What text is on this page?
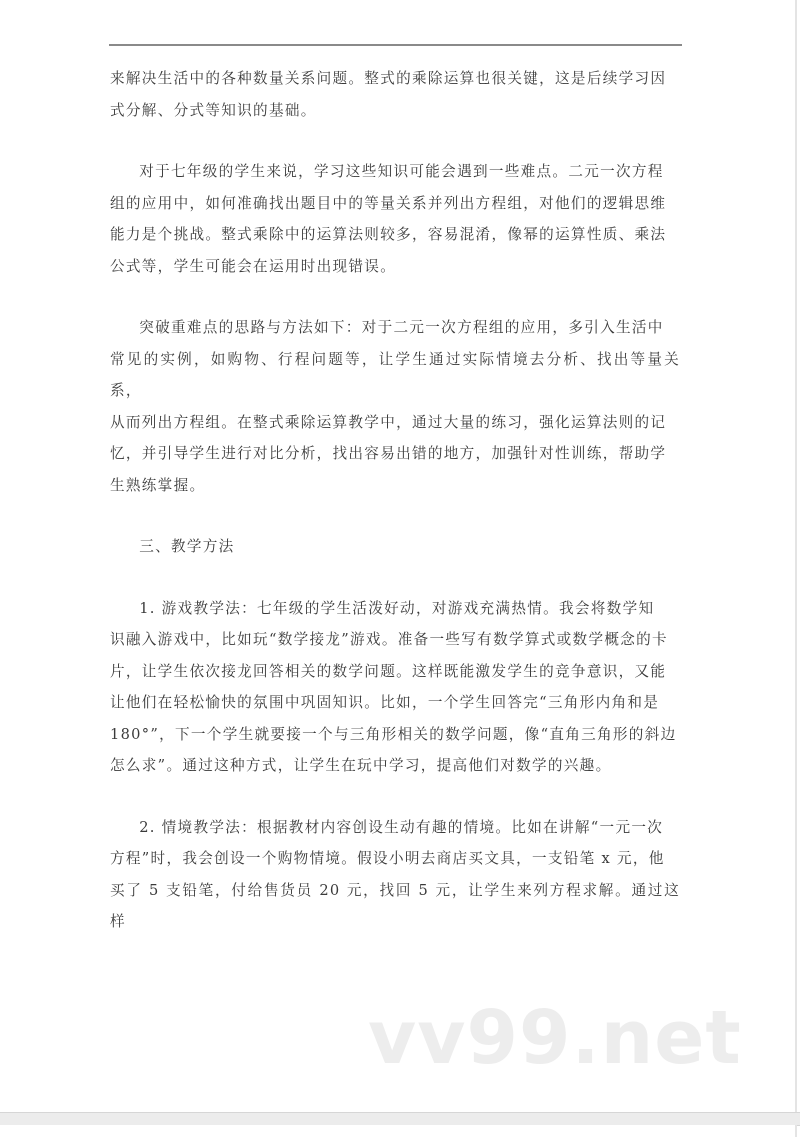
来解决生活中的各种数量关系问题。整式的乘除运算也很关键，这是后续学习因
式分解、分式等知识的基础。
对于七年级的学生来说，学习这些知识可能会遇到一些难点。二元一次方程
组的应用中，如何准确找出题目中的等量关系并列出方程组，对他们的逻辑思维
能力是个挑战。整式乘除中的运算法则较多，容易混淆，像幂的运算性质、乘法
公式等，学生可能会在运用时出现错误。
突破重难点的思路与方法如下：对于二元一次方程组的应用，多引入生活中
常见的实例，如购物、行程问题等，让学生通过实际情境去分析、找出等量关系，
从而列出方程组。在整式乘除运算教学中，通过大量的练习，强化运算法则的记
忆，并引导学生进行对比分析，找出容易出错的地方，加强针对性训练，帮助学
生熟练掌握。
三、教学方法
1. 游戏教学法：七年级的学生活泼好动，对游戏充满热情。我会将数学知
识融入游戏中，比如玩“数学接龙”游戏。准备一些写有数学算式或数学概念的卡
片，让学生依次接龙回答相关的数学问题。这样既能激发学生的竞争意识，又能
让他们在轻松愉快的氛围中巩固知识。比如，一个学生回答完“三角形内角和是
180°”，下一个学生就要接一个与三角形相关的数学问题，像“直角三角形的斜边
怎么求”。通过这种方式，让学生在玩中学习，提高他们对数学的兴趣。
2. 情境教学法：根据教材内容创设生动有趣的情境。比如在讲解“一元一次
方程”时，我会创设一个购物情境。假设小明去商店买文具，一支铅笔 x 元，他
买了 5 支铅笔，付给售货员 20 元，找回 5 元，让学生来列方程求解。通过这样
vv99.net
